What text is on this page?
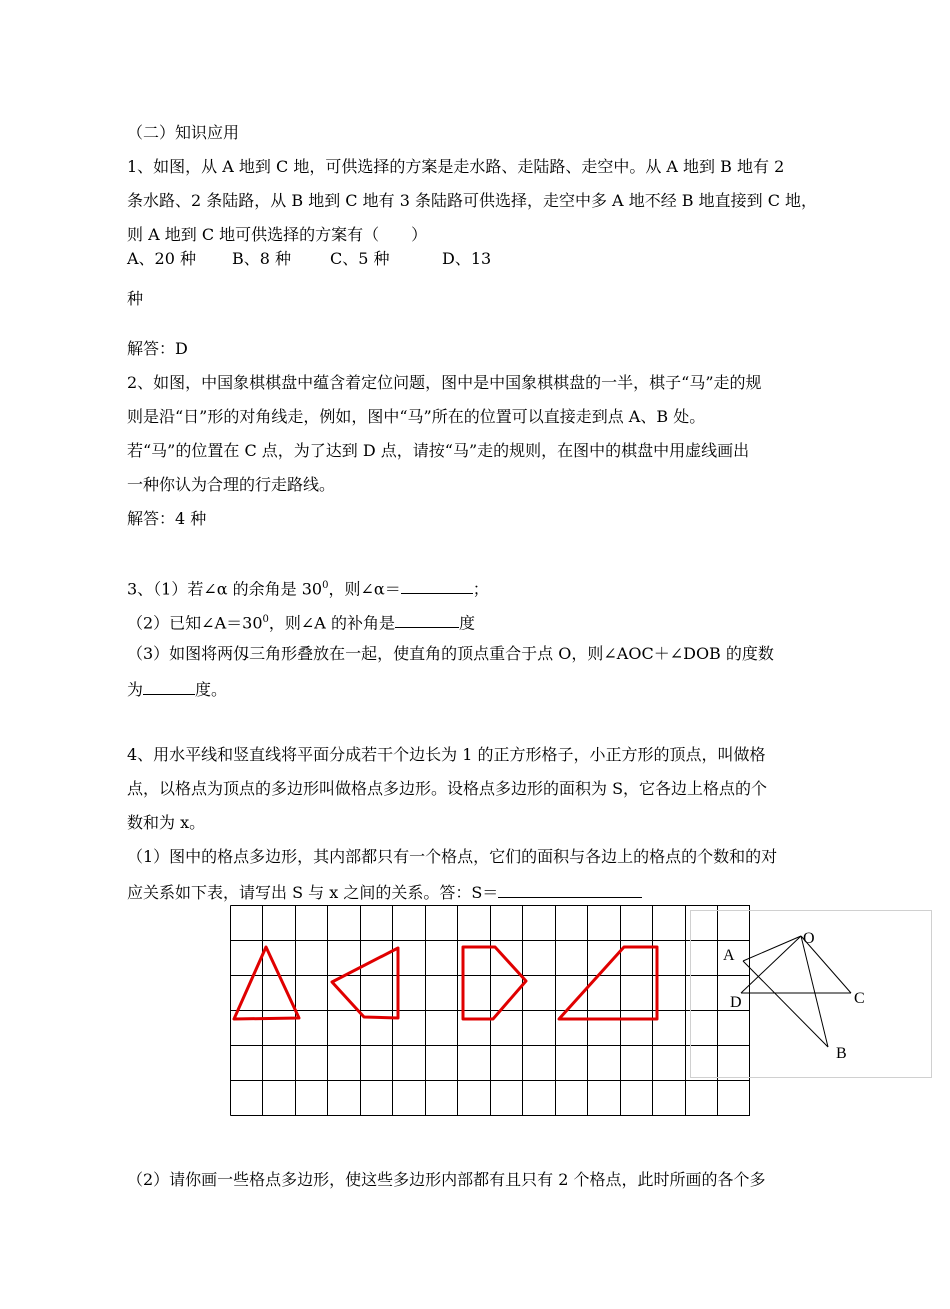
（二）知识应用
1、如图，从 A 地到 C 地，可供选择的方案是走水路、走陆路、走空中。从 A 地到 B 地有 2
条水路、2 条陆路，从 B 地到 C 地有 3 条陆路可供选择，走空中多 A 地不经 B 地直接到 C 地，
则 A 地到 C 地可供选择的方案有（　　）
A、20 种 B、8 种 C、5 种	D、13
种
解答：D
2、如图，中国象棋棋盘中蕴含着定位问题，图中是中国象棋棋盘的一半，棋子“马”走的规
则是沿“日”形的对角线走，例如，图中“马”所在的位置可以直接走到点 A、B 处。
若“马”的位置在 C 点，为了达到 D 点，请按“马”走的规则，在图中的棋盘中用虚线画出
一种你认为合理的行走路线。
解答：4 种
3、（1）若∠α 的余角是 $30^0$，则∠α＝	；
（2）已知$\angle A=30^0$，则∠A 的补角是	度
（3）如图将两仭三角形叠放在一起，使直角的顶点重合于点 O，则∠AOC＋∠DOB 的度数
为	度。
4、用水平线和竖直线将平面分成若干个边长为 1 的正方形格子，小正方形的顶点，叫做格
点，以格点为顶点的多边形叫做格点多边形。设格点多边形的面积为 S，它各边上格点的个
数和为 x。
（1）图中的格点多边形，其内部都只有一个格点，它们的面积与各边上的格点的个数和的对
应关系如下表，请写出 S 与 x 之间的关系。答：S＝
O
A
C
D
B
（2）请你画一些格点多边形，使这些多边形内部都有且只有 2 个格点，此时所画的各个多
